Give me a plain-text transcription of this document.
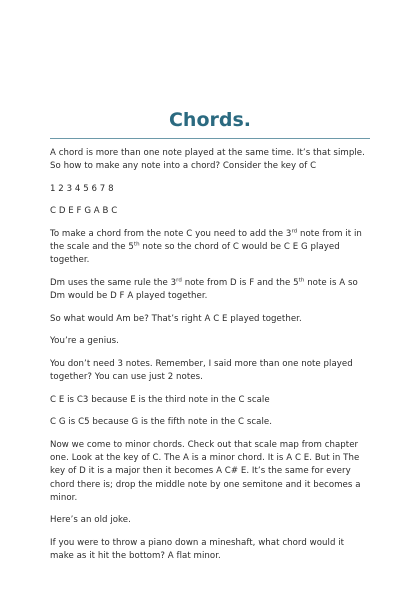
Chords.

A chord is more than one note played at the same time. It’s that simple. So how to make any note into a chord? Consider the key of C

1 2 3 4 5 6 7 8

C D E F G A B C

To make a chord from the note C you need to add the 3rd note from it in the scale and the 5th note so the chord of C would be C E G played together.

Dm uses the same rule the 3rd note from D is F and the 5th note is A so Dm would be D F A played together.

So what would Am be? That’s right A C E played together.

You’re a genius.

You don’t need 3 notes. Remember, I said more than one note played together? You can use just 2 notes.

C E is C3 because E is the third note in the C scale

C G is C5 because G is the fifth note in the C scale.

Now we come to minor chords. Check out that scale map from chapter one. Look at the key of C. The A is a minor chord. It is A C E. But in The key of D it is a major then it becomes A C# E. It’s the same for every chord there is; drop the middle note by one semitone and it becomes a minor.

Here’s an old joke.

If you were to throw a piano down a mineshaft, what chord would it make as it hit the bottom? A flat minor.
